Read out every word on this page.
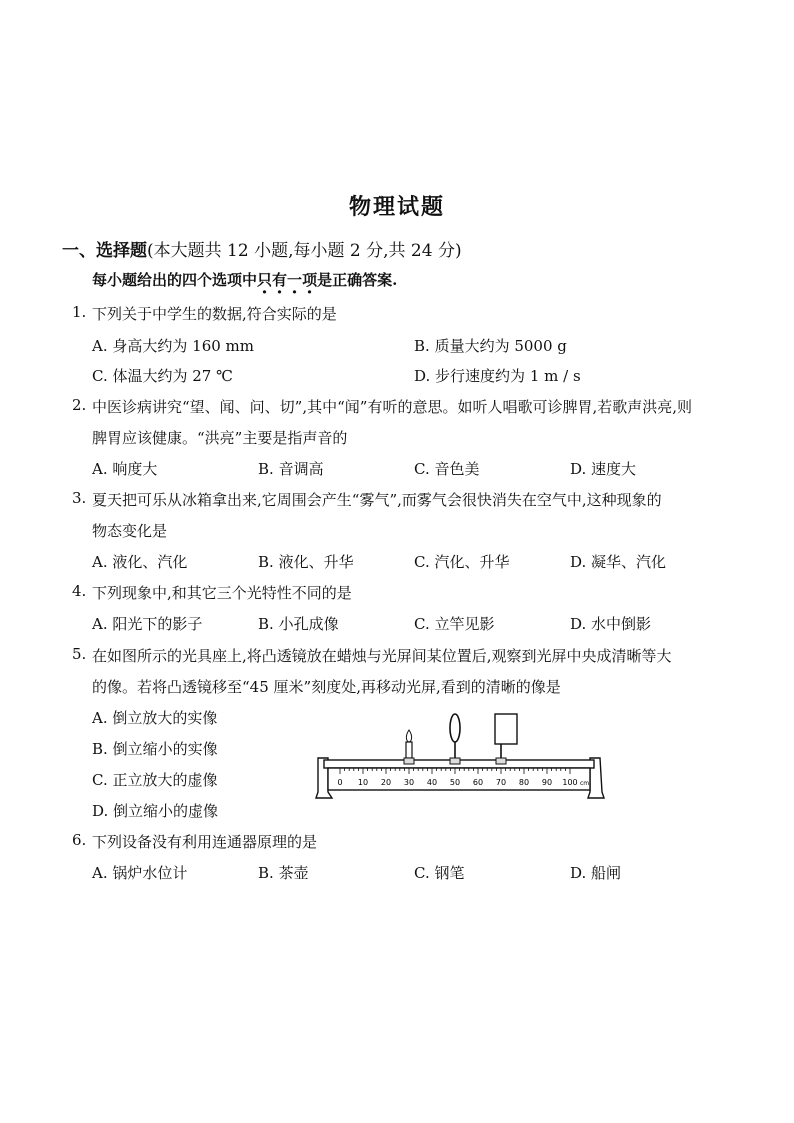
物理试题
一、选择题(本大题共 12 小题,每小题 2 分,共 24 分)
每小题给出的四个选项中只有一项是正确答案.
1. 下列关于中学生的数据,符合实际的是
A. 身高大约为 160 mm	B. 质量大约为 5000 g
C. 体温大约为 27 ℃	D. 步行速度约为 1 m / s
2. 中医诊病讲究“望、闻、问、切”,其中“闻”有听的意思。如听人唱歌可诊脾胃,若歌声洪亮,则
脾胃应该健康。“洪亮”主要是指声音的
A. 响度大	B. 音调高	C. 音色美	D. 速度大
3. 夏天把可乐从冰箱拿出来,它周围会产生“雾气”,而雾气会很快消失在空气中,这种现象的
物态变化是
A. 液化、汽化	B. 液化、升华	C. 汽化、升华	D. 凝华、汽化
4. 下列现象中,和其它三个光特性不同的是
A. 阳光下的影子	B. 小孔成像	C. 立竿见影	D. 水中倒影
5. 在如图所示的光具座上,将凸透镜放在蜡烛与光屏间某位置后,观察到光屏中央成清晰等大
的像。若将凸透镜移至“45 厘米”刻度处,再移动光屏,看到的清晰的像是
A. 倒立放大的实像
B. 倒立缩小的实像
C. 正立放大的虚像
D. 倒立缩小的虚像
0 10 20 30 40 50 60 70 80 90 100 cm
6. 下列设备没有利用连通器原理的是
A. 锅炉水位计	B. 茶壶	C. 钢笔	D. 船闸
